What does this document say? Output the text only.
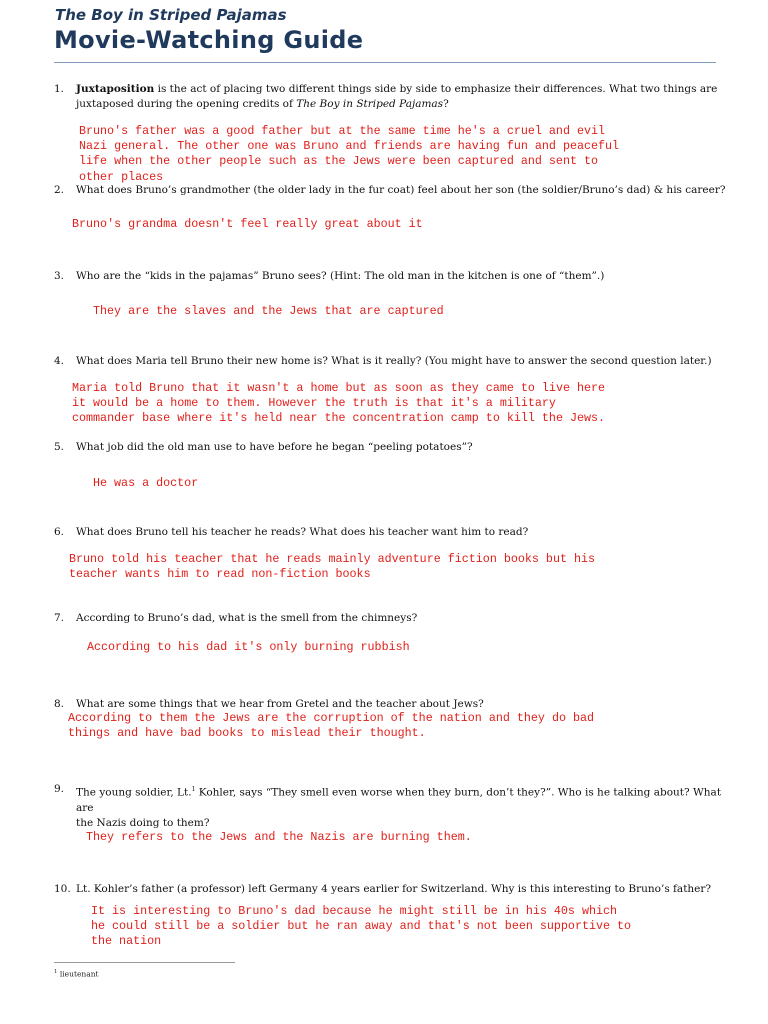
The Boy in Striped Pajamas
Movie-Watching Guide
1. Juxtaposition is the act of placing two different things side by side to emphasize their differences. What two things are
juxtaposed during the opening credits of The Boy in Striped Pajamas?
Bruno's father was a good father but at the same time he's a cruel and evil
Nazi general. The other one was Bruno and friends are having fun and peaceful
life when the other people such as the Jews were been captured and sent to
other places
2. What does Bruno’s grandmother (the older lady in the fur coat) feel about her son (the soldier/Bruno’s dad) & his career?
Bruno's grandma doesn't feel really great about it
3. Who are the “kids in the pajamas” Bruno sees? (Hint: The old man in the kitchen is one of “them”.)
They are the slaves and the Jews that are captured
4. What does Maria tell Bruno their new home is? What is it really? (You might have to answer the second question later.)
Maria told Bruno that it wasn't a home but as soon as they came to live here
it would be a home to them. However the truth is that it's a military
commander base where it's held near the concentration camp to kill the Jews.
5. What job did the old man use to have before he began “peeling potatoes”?
He was a doctor
6. What does Bruno tell his teacher he reads? What does his teacher want him to read?
Bruno told his teacher that he reads mainly adventure fiction books but his
teacher wants him to read non-fiction books
7. According to Bruno’s dad, what is the smell from the chimneys?
According to his dad it's only burning rubbish
8. What are some things that we hear from Gretel and the teacher about Jews?
According to them the Jews are the corruption of the nation and they do bad
things and have bad books to mislead their thought.
9. The young soldier, Lt.$^1$ Kohler, says “They smell even worse when they burn, don’t they?”. Who is he talking about? What are
the Nazis doing to them?
They refers to the Jews and the Nazis are burning them.
10. Lt. Kohler’s father (a professor) left Germany 4 years earlier for Switzerland. Why is this interesting to Bruno’s father?
It is interesting to Bruno's dad because he might still be in his 40s which
he could still be a soldier but he ran away and that's not been supportive to
the nation
$^1$ lieutenant
